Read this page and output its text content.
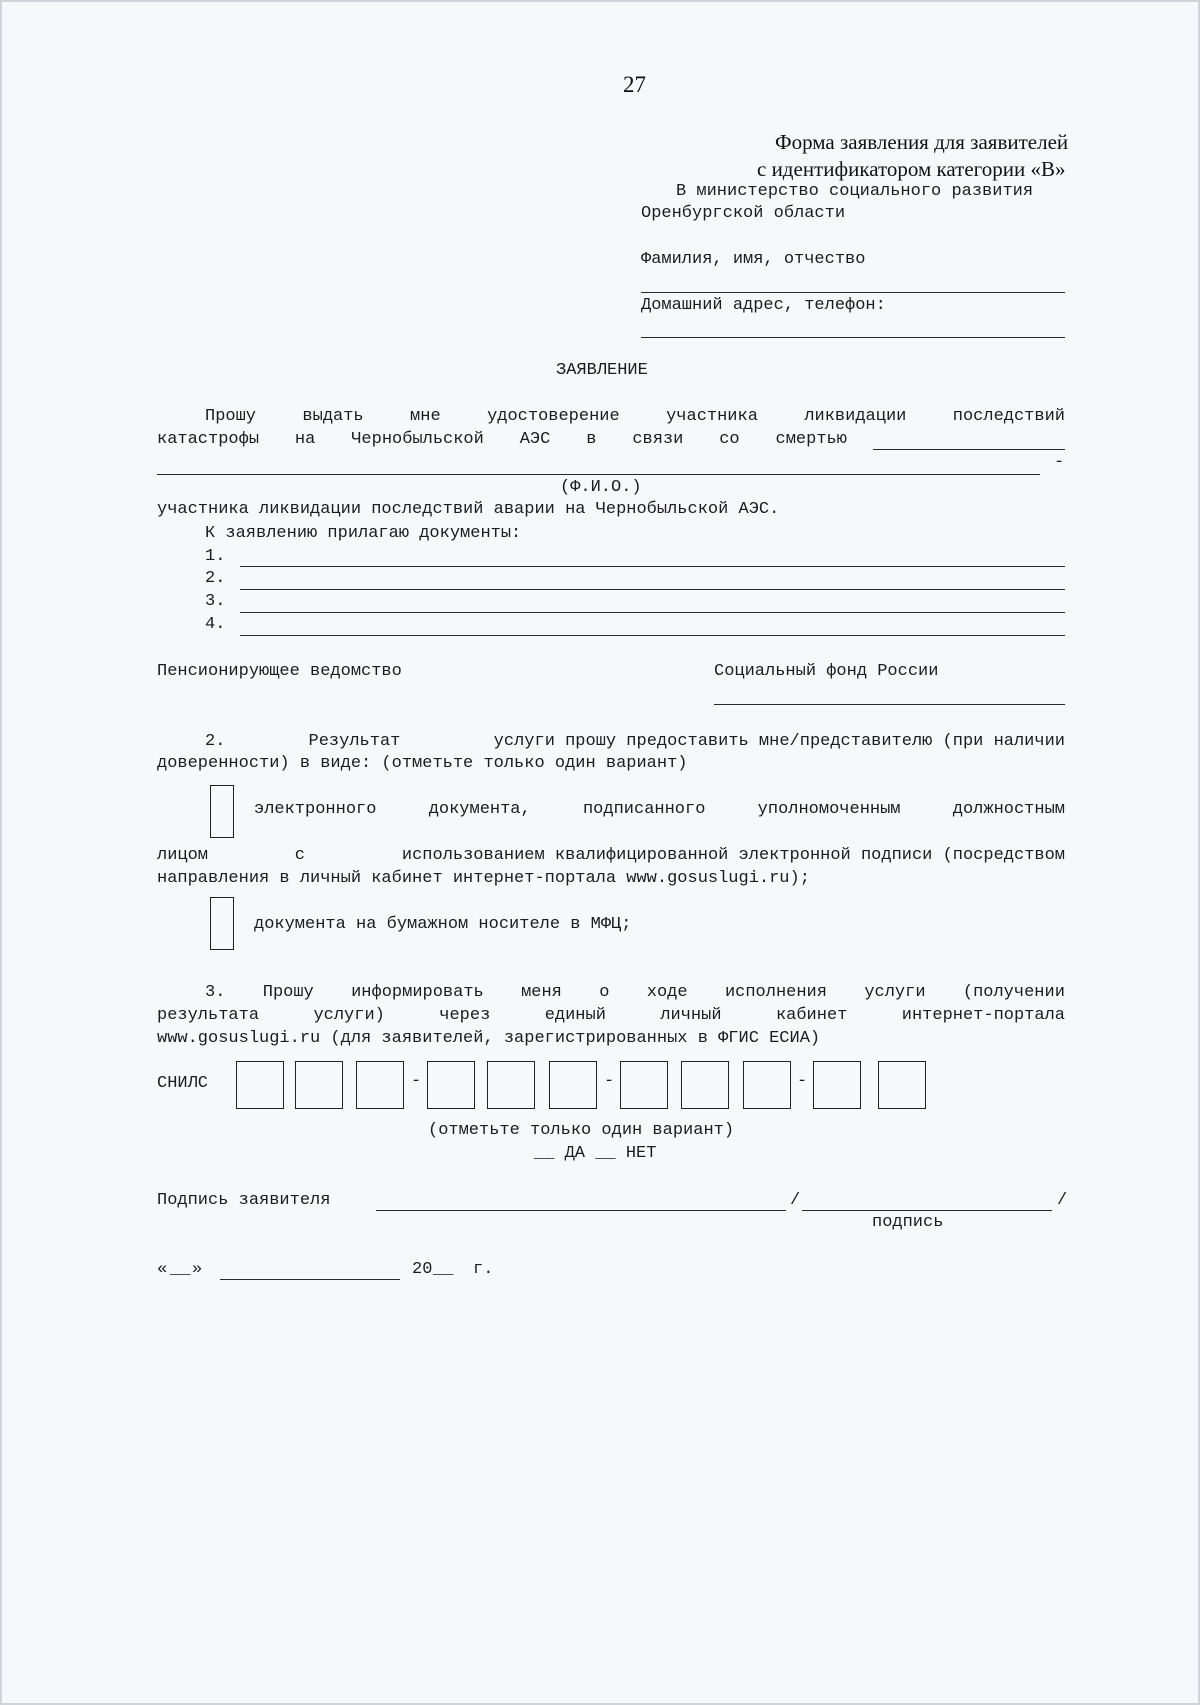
27
Форма заявления для заявителей
с идентификатором категории «В»
В министерство социального развития
Оренбургской области
Фамилия, имя, отчество
Домашний адрес, телефон:
ЗАЯВЛЕНИЕ
Прошу	выдать	мне	удостоверение	участника	ликвидации	последствий
катастрофы на Чернобыльской АЭС в связи со смертью
-
(Ф.И.О.)
участника ликвидации последствий аварии на Чернобыльской АЭС.
К заявлению прилагаю документы:
1.
2.
3.
4.
Пенсионирующее ведомство	Социальный фонд России
2.	Результат	услуги прошу предоставить мне/представителю (при наличии
доверенности) в виде: (отметьте только один вариант)
электронного	документа,	подписанного	уполномоченным	должностным
лицом	с	использованием квалифицированной электронной подписи (посредством
направления в личный кабинет интернет-портала www.gosuslugi.ru);
документа на бумажном носителе в МФЦ;
3. Прошу информировать меня о ходе исполнения услуги (получении
результата	услуги)	через	единый	личный	кабинет	интернет-портала
www.gosuslugi.ru (для заявителей, зарегистрированных в ФГИС ЕСИА)
СНИЛС	-	-	-
(отметьте только один вариант)
__ ДА __ НЕТ
Подпись заявителя	/	/
подпись
« __ »	20 __ г.
